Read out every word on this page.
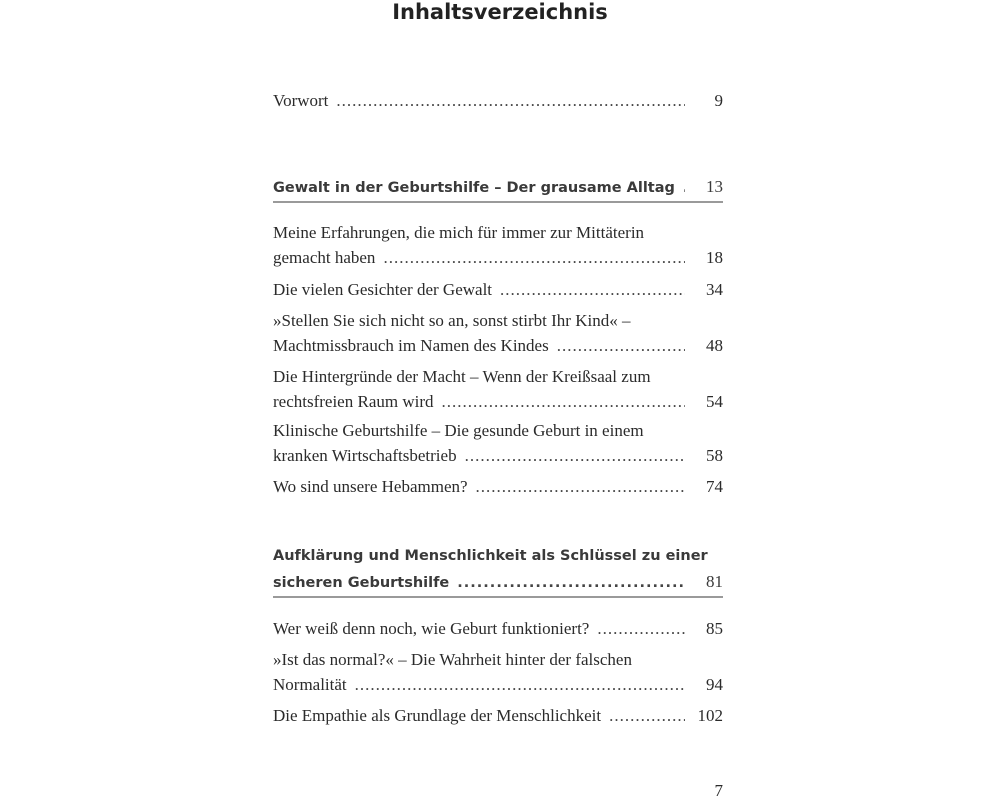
Inhaltsverzeichnis
Vorwort .....	9
Gewalt in der Geburtshilfe – Der grausame Alltag .....	13
Meine Erfahrungen, die mich für immer zur Mittäterin
gemacht haben .....	18
Die vielen Gesichter der Gewalt .....	34
»Stellen Sie sich nicht so an, sonst stirbt Ihr Kind« –
Machtmissbrauch im Namen des Kindes .....	48
Die Hintergründe der Macht – Wenn der Kreißsaal zum
rechtsfreien Raum wird .....	54
Klinische Geburtshilfe – Die gesunde Geburt in einem
kranken Wirtschaftsbetrieb .....	58
Wo sind unsere Hebammen? .....	74
Aufklärung und Menschlichkeit als Schlüssel zu einer
sicheren Geburtshilfe .....	81
Wer weiß denn noch, wie Geburt funktioniert? .....	85
»Ist das normal?« – Die Wahrheit hinter der falschen
Normalität .....	94
Die Empathie als Grundlage der Menschlichkeit .....	102
7
